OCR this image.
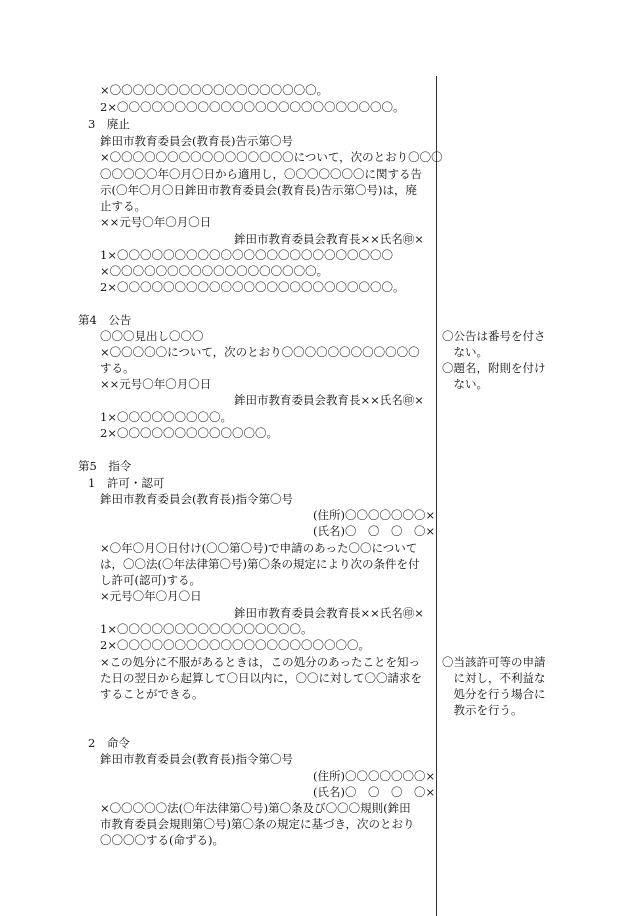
×〇〇〇〇〇〇〇〇〇〇〇〇〇〇〇〇〇〇。
2×〇〇〇〇〇〇〇〇〇〇〇〇〇〇〇〇〇〇〇〇〇〇〇〇。
3　廃止
鉾田市教育委員会(教育長)告示第〇号
×〇〇〇〇〇〇〇〇〇〇〇〇〇〇〇〇について，次のとおり〇〇〇
〇〇〇〇〇年〇月〇日から適用し，〇〇〇〇〇〇〇に関する告
示(〇年〇月〇日鉾田市教育委員会(教育長)告示第〇号)は，廃
止する。
××元号〇年〇月〇日
鉾田市教育委員会教育長××氏名㊞×
1×〇〇〇〇〇〇〇〇〇〇〇〇〇〇〇〇〇〇〇〇〇〇〇〇
×〇〇〇〇〇〇〇〇〇〇〇〇〇〇〇〇〇〇。
2×〇〇〇〇〇〇〇〇〇〇〇〇〇〇〇〇〇〇〇〇〇〇〇〇。
第4　公告
〇〇〇見出し〇〇〇
×〇〇〇〇〇について，次のとおり〇〇〇〇〇〇〇〇〇〇〇〇
する。
××元号〇年〇月〇日
鉾田市教育委員会教育長××氏名㊞×
1×〇〇〇〇〇〇〇〇〇。
2×〇〇〇〇〇〇〇〇〇〇〇〇〇。
第5　指令
1　許可・認可
鉾田市教育委員会(教育長)指令第〇号
(住所)〇〇〇〇〇〇〇×
(氏名)〇　〇　〇　〇×
×〇年〇月〇日付け(〇〇第〇号)で申請のあった〇〇について
は，〇〇法(〇年法律第〇号)第〇条の規定により次の条件を付
し許可(認可)する。
×元号〇年〇月〇日
鉾田市教育委員会教育長××氏名㊞×
1×〇〇〇〇〇〇〇〇〇〇〇〇〇〇〇〇。
2×〇〇〇〇〇〇〇〇〇〇〇〇〇〇〇〇〇〇〇〇〇。
×この処分に不服があるときは，この処分のあったことを知っ
た日の翌日から起算して〇日以内に，〇〇に対して〇〇請求を
することができる。
2　命令
鉾田市教育委員会(教育長)指令第〇号
(住所)〇〇〇〇〇〇〇×
(氏名)〇　〇　〇　〇×
×〇〇〇〇〇法(〇年法律第〇号)第〇条及び〇〇〇規則(鉾田
市教育委員会規則第〇号)第〇条の規定に基づき，次のとおり
〇〇〇〇する(命ずる)。
〇公告は番号を付さ
　ない。
〇題名，附則を付け
　ない。
〇当該許可等の申請
　に対し，不利益な
　処分を行う場合に
　教示を行う。
